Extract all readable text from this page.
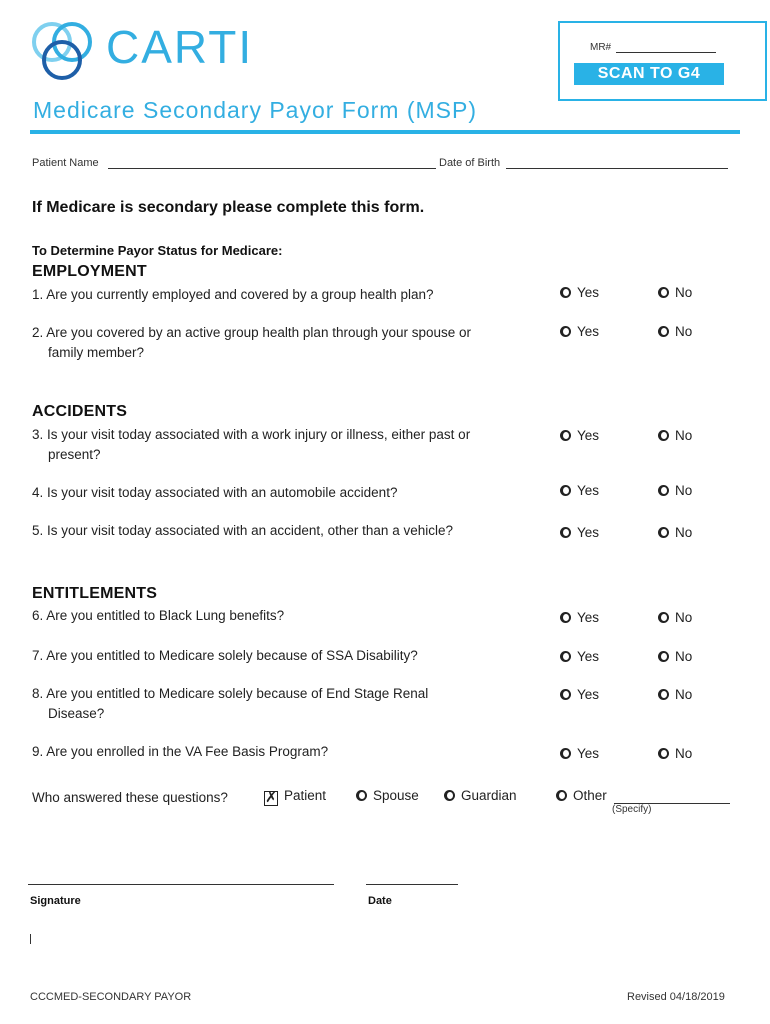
CARTI	MR#
SCAN TO G4
Medicare Secondary Payor Form (MSP)
Patient Name	Date of Birth
If Medicare is secondary please complete this form.
To Determine Payor Status for Medicare:
EMPLOYMENT
1. Are you currently employed and covered by a group health plan?	Yes	No
2. Are you covered by an active group health plan through your spouse or family member?
Yes	No
ACCIDENTS
3. Is your visit today associated with a work injury or illness, either past or present?
Yes	No
4. Is your visit today associated with an automobile accident?	Yes	No
5. Is your visit today associated with an accident, other than a vehicle?	Yes	No
ENTITLEMENTS
6. Are you entitled to Black Lung benefits?	Yes	No
7. Are you entitled to Medicare solely because of SSA Disability?	Yes	No
8. Are you entitled to Medicare solely because of End Stage Renal Disease?
Yes	No
9. Are you enrolled in the VA Fee Basis Program?	Yes	No
Who answered these questions?	✗ Patient	Spouse	Guardian	Other
(Specify)
Signature	Date
CCCMED-SECONDARY PAYOR	Revised 04/18/2019
